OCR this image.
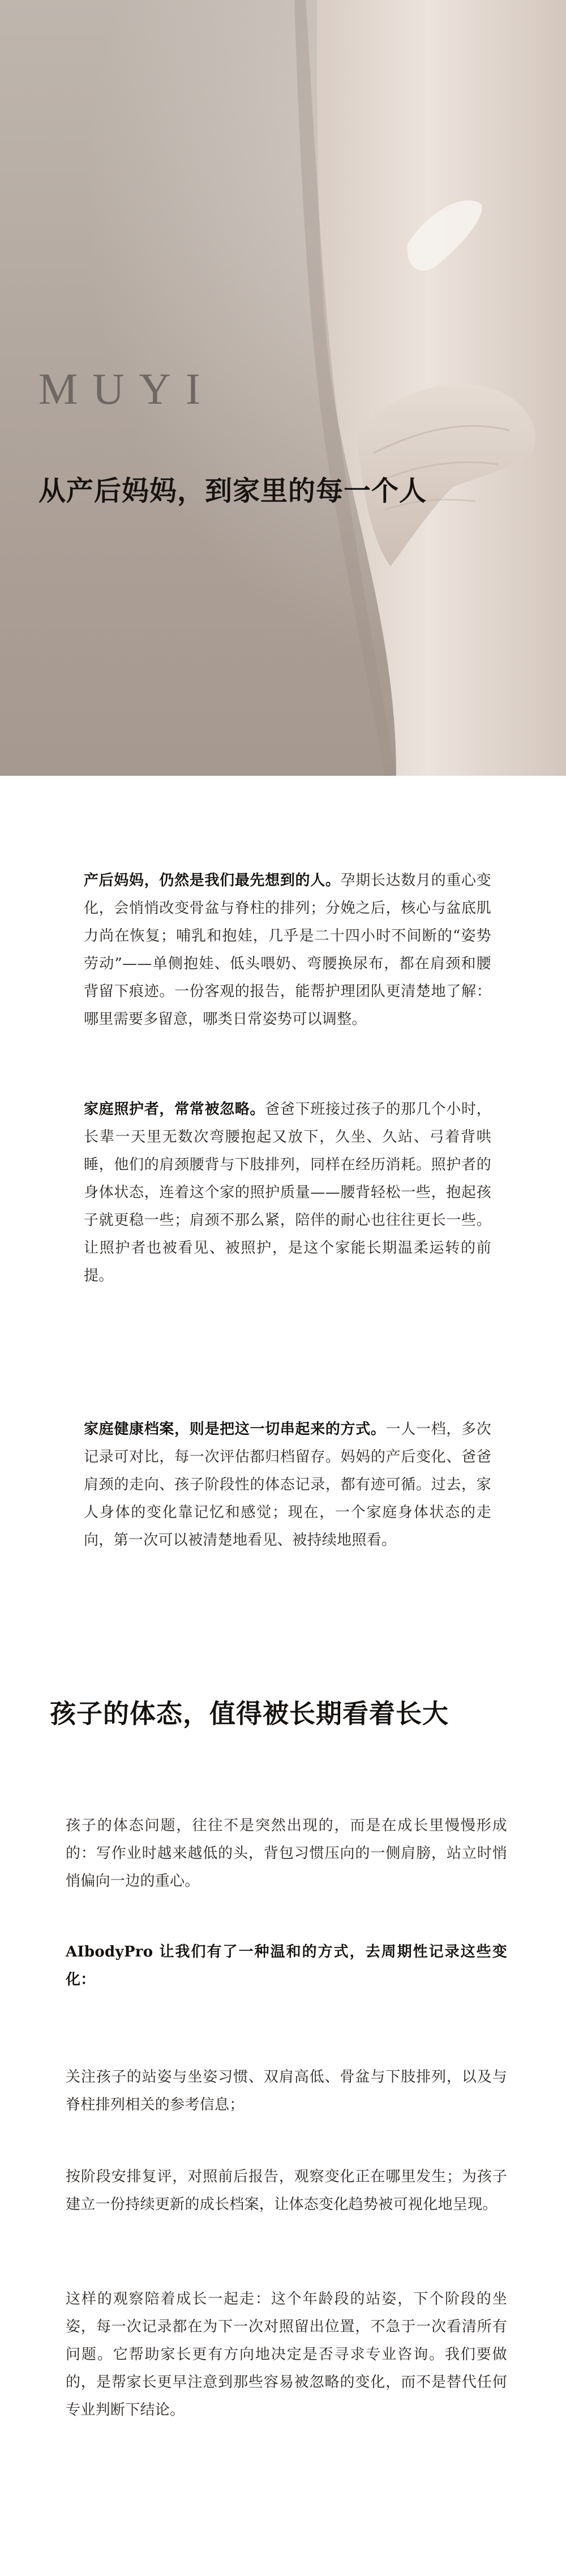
MUYI
从产后妈妈，到家里的每一个人

产后妈妈，仍然是我们最先想到的人。孕期长达数月的重心变化，会悄悄改变骨盆与脊柱的排列；分娩之后，核心与盆底肌力尚在恢复；哺乳和抱娃，几乎是二十四小时不间断的“姿势劳动”——单侧抱娃、低头喂奶、弯腰换尿布，都在肩颈和腰背留下痕迹。一份客观的报告，能帮护理团队更清楚地了解：哪里需要多留意，哪类日常姿势可以调整。

家庭照护者，常常被忽略。爸爸下班接过孩子的那几个小时，长辈一天里无数次弯腰抱起又放下，久坐、久站、弓着背哄睡，他们的肩颈腰背与下肢排列，同样在经历消耗。照护者的身体状态，连着这个家的照护质量——腰背轻松一些，抱起孩子就更稳一些；肩颈不那么紧，陪伴的耐心也往往更长一些。让照护者也被看见、被照护，是这个家能长期温柔运转的前提。

家庭健康档案，则是把这一切串起来的方式。一人一档，多次记录可对比，每一次评估都归档留存。妈妈的产后变化、爸爸肩颈的走向、孩子阶段性的体态记录，都有迹可循。过去，家人身体的变化靠记忆和感觉；现在，一个家庭身体状态的走向，第一次可以被清楚地看见、被持续地照看。

孩子的体态，值得被长期看着长大

孩子的体态问题，往往不是突然出现的，而是在成长里慢慢形成的：写作业时越来越低的头，背包习惯压向的一侧肩膀，站立时悄悄偏向一边的重心。

AIbodyPro 让我们有了一种温和的方式，去周期性记录这些变化：

关注孩子的站姿与坐姿习惯、双肩高低、骨盆与下肢排列，以及与脊柱排列相关的参考信息；

按阶段安排复评，对照前后报告，观察变化正在哪里发生；为孩子建立一份持续更新的成长档案，让体态变化趋势被可视化地呈现。

这样的观察陪着成长一起走：这个年龄段的站姿，下个阶段的坐姿，每一次记录都在为下一次对照留出位置，不急于一次看清所有问题。它帮助家长更有方向地决定是否寻求专业咨询。我们要做的，是帮家长更早注意到那些容易被忽略的变化，而不是替代任何专业判断下结论。
